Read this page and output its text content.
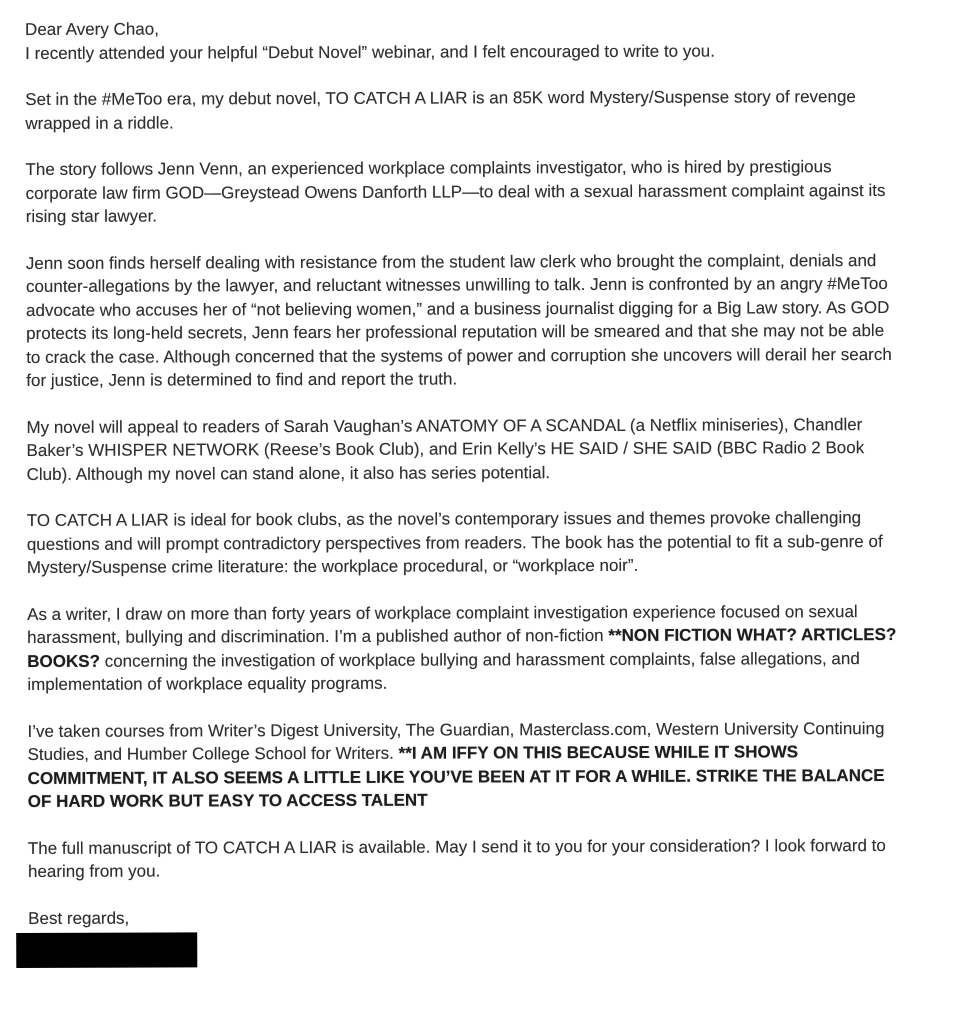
Dear Avery Chao,

I recently attended your helpful “Debut Novel” webinar, and I felt encouraged to write to you.

Set in the #MeToo era, my debut novel, TO CATCH A LIAR is an 85K word Mystery/Suspense story of revenge wrapped in a riddle.

The story follows Jenn Venn, an experienced workplace complaints investigator, who is hired by prestigious corporate law firm GOD—Greystead Owens Danforth LLP—to deal with a sexual harassment complaint against its rising star lawyer.

Jenn soon finds herself dealing with resistance from the student law clerk who brought the complaint, denials and counter-allegations by the lawyer, and reluctant witnesses unwilling to talk. Jenn is confronted by an angry #MeToo advocate who accuses her of “not believing women,” and a business journalist digging for a Big Law story. As GOD protects its long-held secrets, Jenn fears her professional reputation will be smeared and that she may not be able to crack the case. Although concerned that the systems of power and corruption she uncovers will derail her search for justice, Jenn is determined to find and report the truth.

My novel will appeal to readers of Sarah Vaughan’s ANATOMY OF A SCANDAL (a Netflix miniseries), Chandler Baker’s WHISPER NETWORK (Reese’s Book Club), and Erin Kelly’s HE SAID / SHE SAID (BBC Radio 2 Book Club). Although my novel can stand alone, it also has series potential.

TO CATCH A LIAR is ideal for book clubs, as the novel’s contemporary issues and themes provoke challenging questions and will prompt contradictory perspectives from readers. The book has the potential to fit a sub-genre of Mystery/Suspense crime literature: the workplace procedural, or “workplace noir”.

As a writer, I draw on more than forty years of workplace complaint investigation experience focused on sexual harassment, bullying and discrimination. I’m a published author of non-fiction **NON FICTION WHAT? ARTICLES? BOOKS? concerning the investigation of workplace bullying and harassment complaints, false allegations, and implementation of workplace equality programs.

I’ve taken courses from Writer’s Digest University, The Guardian, Masterclass.com, Western University Continuing Studies, and Humber College School for Writers. **I AM IFFY ON THIS BECAUSE WHILE IT SHOWS COMMITMENT, IT ALSO SEEMS A LITTLE LIKE YOU’VE BEEN AT IT FOR A WHILE. STRIKE THE BALANCE OF HARD WORK BUT EASY TO ACCESS TALENT

The full manuscript of TO CATCH A LIAR is available. May I send it to you for your consideration? I look forward to hearing from you.

Best regards,
